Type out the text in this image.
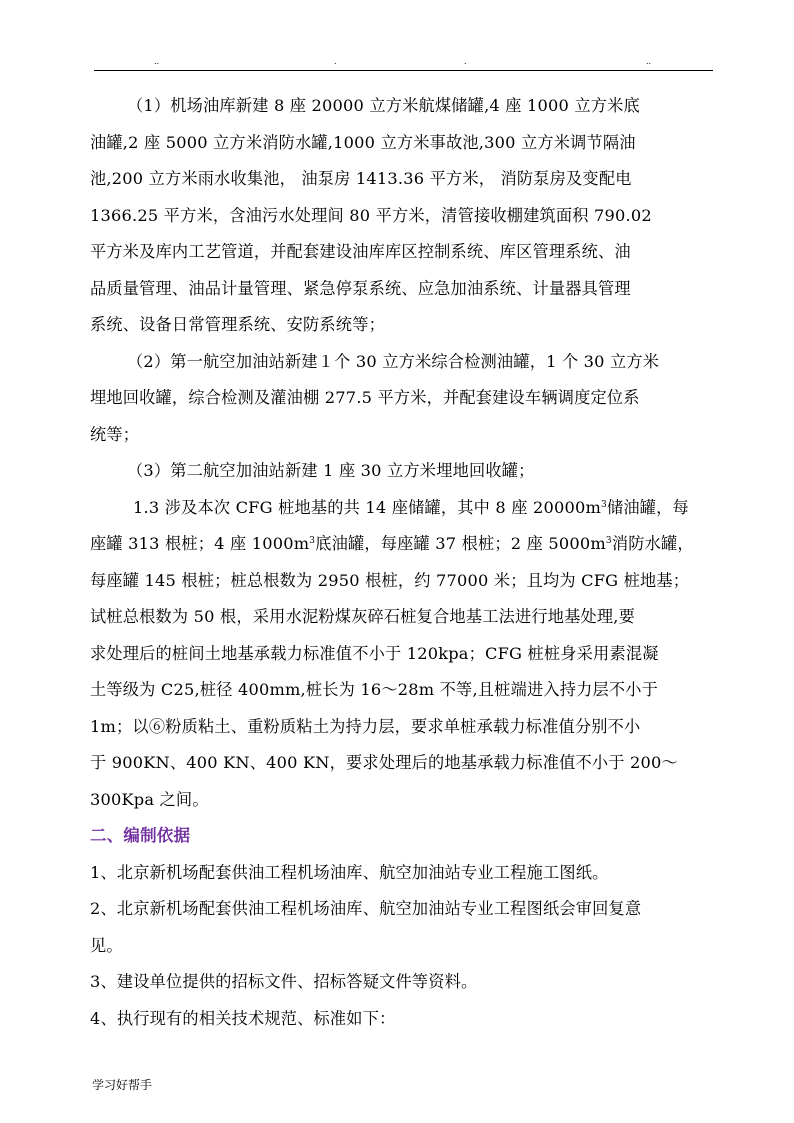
..	.	.	..
（1）机场油库新建 8 座 20000 立方米航煤储罐,4 座 1000 立方米底
油罐,2 座 5000 立方米消防水罐,1000 立方米事故池,300 立方米调节隔油
池,200 立方米雨水收集池， 油泵房 1413.36 平方米， 消防泵房及变配电
1366.25 平方米，含油污水处理间 80 平方米，清管接收棚建筑面积 790.02
平方米及库内工艺管道，并配套建设油库库区控制系统、库区管理系统、油
品质量管理、油品计量管理、紧急停泵系统、应急加油系统、计量器具管理
系统、设备日常管理系统、安防系统等；
（2）第一航空加油站新建１个 30 立方米综合检测油罐，1 个 30 立方米
埋地回收罐，综合检测及灌油棚 277.5 平方米，并配套建设车辆调度定位系
统等；
（3）第二航空加油站新建 1 座 30 立方米埋地回收罐；
1.3 涉及本次 CFG 桩地基的共 14 座储罐，其中 8 座 $20000m^3$储油罐，每
座罐 313 根桩；4 座 $1000m^3$底油罐，每座罐 37 根桩；2 座 $5000m^3$消防水罐，
每座罐 145 根桩；桩总根数为 2950 根桩，约 77000 米；且均为 CFG 桩地基；
试桩总根数为 50 根，采用水泥粉煤灰碎石桩复合地基工法进行地基处理,要
求处理后的桩间土地基承载力标准值不小于 120kpa；CFG 桩桩身采用素混凝
土等级为 C25,桩径 400mm,桩长为 16～28m 不等,且桩端进入持力层不小于
1m；以⑥粉质粘土、重粉质粘土为持力层，要求单桩承载力标准值分别不小
于 900KN、400 KN、400 KN，要求处理后的地基承载力标准值不小于 200～
300Kpa 之间。
二、编制依据
1、北京新机场配套供油工程机场油库、航空加油站专业工程施工图纸。
2、北京新机场配套供油工程机场油库、航空加油站专业工程图纸会审回复意
见。
3、建设单位提供的招标文件、招标答疑文件等资料。
4、执行现有的相关技术规范、标准如下：
学习好帮手
